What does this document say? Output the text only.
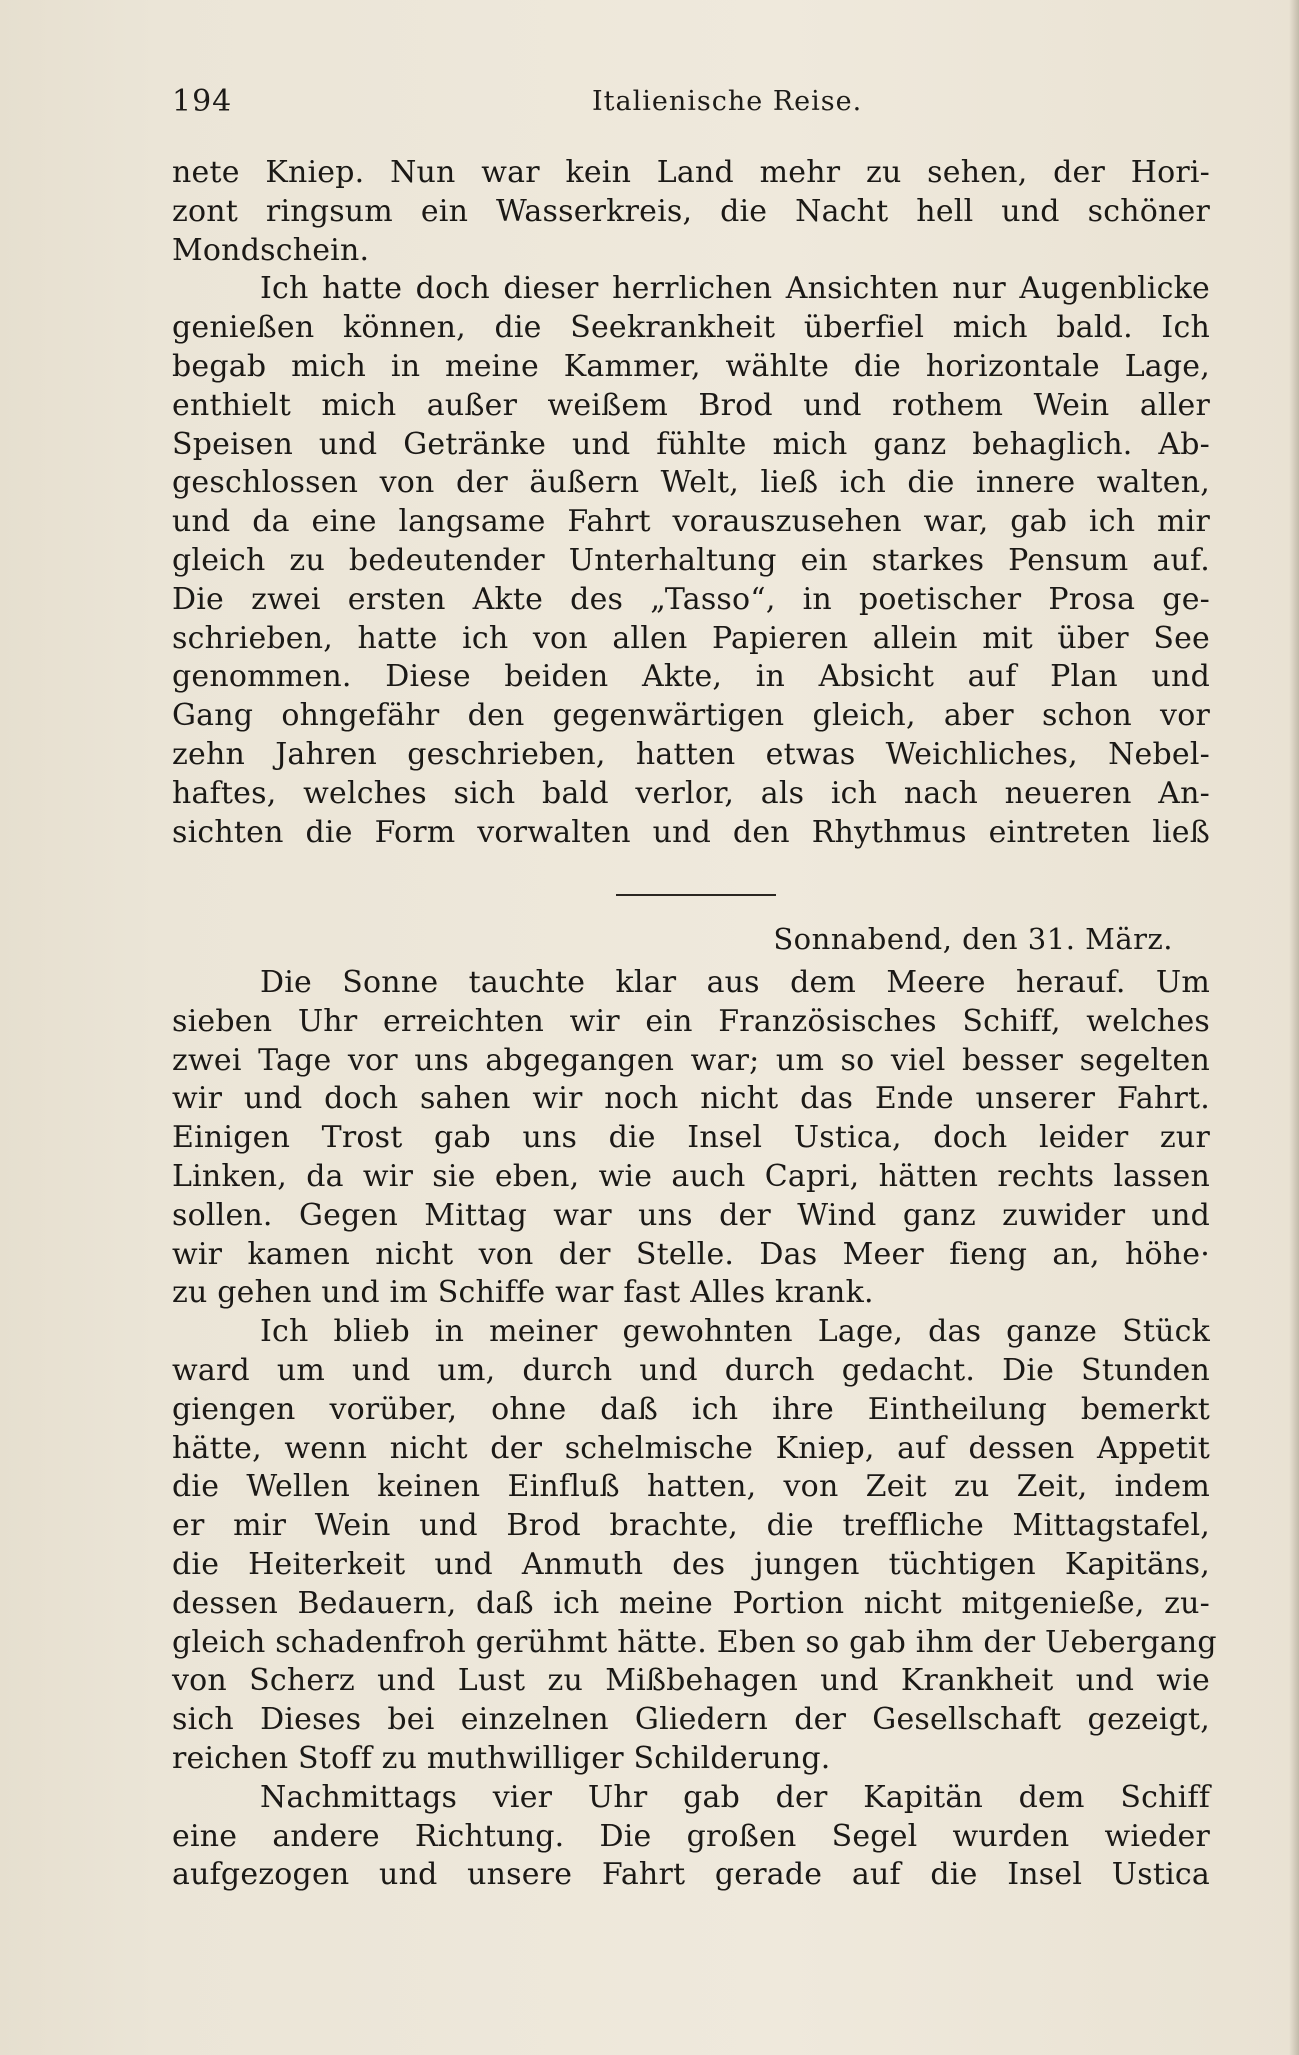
194	Italienische Reise.
nete Kniep. Nun war kein Land mehr zu sehen, der Hori-
zont ringsum ein Wasserkreis, die Nacht hell und schöner
Mondschein.
Ich hatte doch dieser herrlichen Ansichten nur Augenblicke
genießen können, die Seekrankheit überfiel mich bald. Ich
begab mich in meine Kammer, wählte die horizontale Lage,
enthielt mich außer weißem Brod und rothem Wein aller
Speisen und Getränke und fühlte mich ganz behaglich. Ab-
geschlossen von der äußern Welt, ließ ich die innere walten,
und da eine langsame Fahrt vorauszusehen war, gab ich mir
gleich zu bedeutender Unterhaltung ein starkes Pensum auf.
Die zwei ersten Akte des „Tasso“, in poetischer Prosa ge-
schrieben, hatte ich von allen Papieren allein mit über See
genommen. Diese beiden Akte, in Absicht auf Plan und
Gang ohngefähr den gegenwärtigen gleich, aber schon vor
zehn Jahren geschrieben, hatten etwas Weichliches, Nebel-
haftes, welches sich bald verlor, als ich nach neueren An-
sichten die Form vorwalten und den Rhythmus eintreten ließ
Sonnabend, den 31. März.
Die Sonne tauchte klar aus dem Meere herauf. Um
sieben Uhr erreichten wir ein Französisches Schiff, welches
zwei Tage vor uns abgegangen war; um so viel besser segelten
wir und doch sahen wir noch nicht das Ende unserer Fahrt.
Einigen Trost gab uns die Insel Ustica, doch leider zur
Linken, da wir sie eben, wie auch Capri, hätten rechts lassen
sollen. Gegen Mittag war uns der Wind ganz zuwider und
wir kamen nicht von der Stelle. Das Meer fieng an, höhe·
zu gehen und im Schiffe war fast Alles krank.
Ich blieb in meiner gewohnten Lage, das ganze Stück
ward um und um, durch und durch gedacht. Die Stunden
giengen vorüber, ohne daß ich ihre Eintheilung bemerkt
hätte, wenn nicht der schelmische Kniep, auf dessen Appetit
die Wellen keinen Einfluß hatten, von Zeit zu Zeit, indem
er mir Wein und Brod brachte, die treffliche Mittagstafel,
die Heiterkeit und Anmuth des jungen tüchtigen Kapitäns,
dessen Bedauern, daß ich meine Portion nicht mitgenieße, zu-
gleich schadenfroh gerühmt hätte. Eben so gab ihm der Uebergang
von Scherz und Lust zu Mißbehagen und Krankheit und wie
sich Dieses bei einzelnen Gliedern der Gesellschaft gezeigt,
reichen Stoff zu muthwilliger Schilderung.
Nachmittags vier Uhr gab der Kapitän dem Schiff
eine andere Richtung. Die großen Segel wurden wieder
aufgezogen und unsere Fahrt gerade auf die Insel Ustica
